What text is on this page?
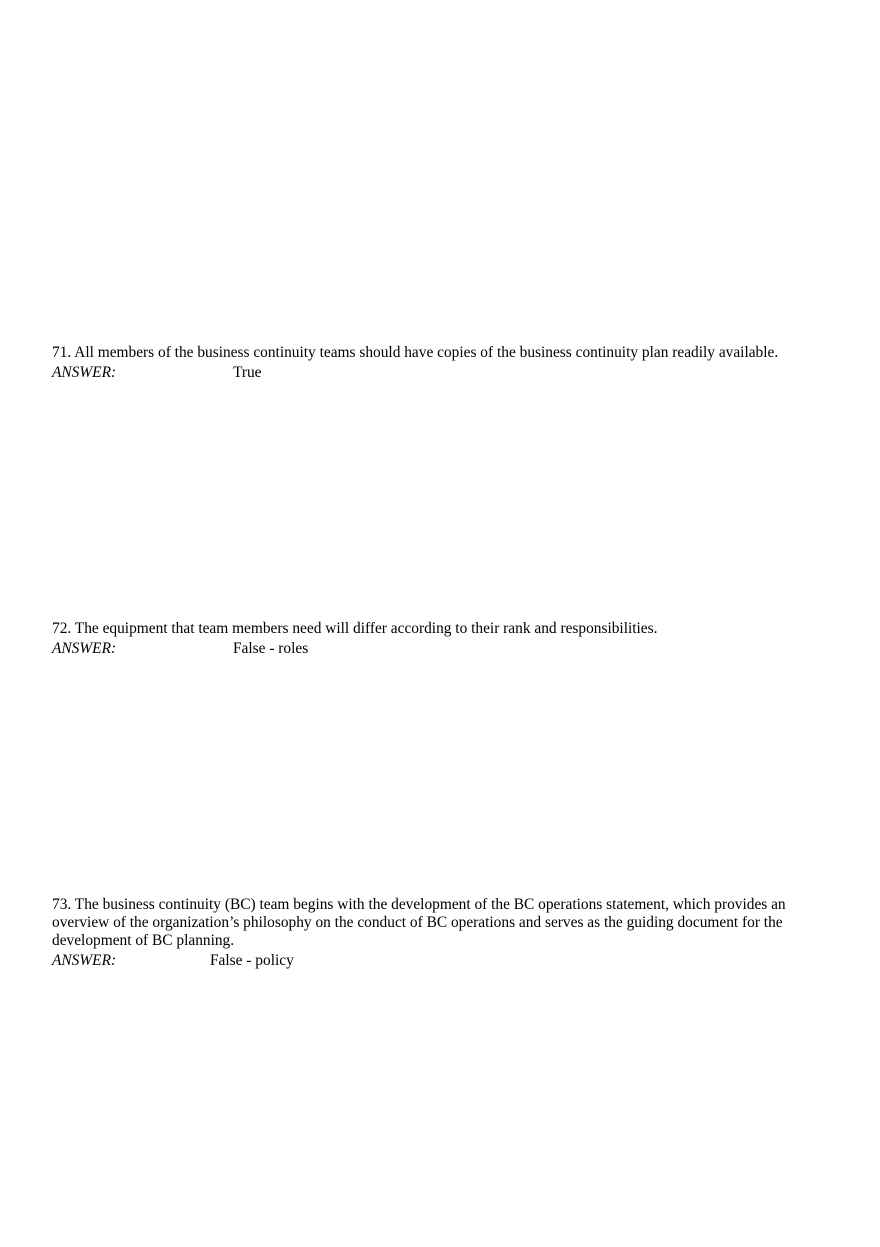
71. All members of the business continuity teams should have copies of the business continuity plan readily available.

ANSWER:	True

72. The equipment that team members need will differ according to their rank and responsibilities.

ANSWER:	False - roles

73. The business continuity (BC) team begins with the development of the BC operations statement, which provides an overview of the organization’s philosophy on the conduct of BC operations and serves as the guiding document for the development of BC planning.

ANSWER:	False - policy
